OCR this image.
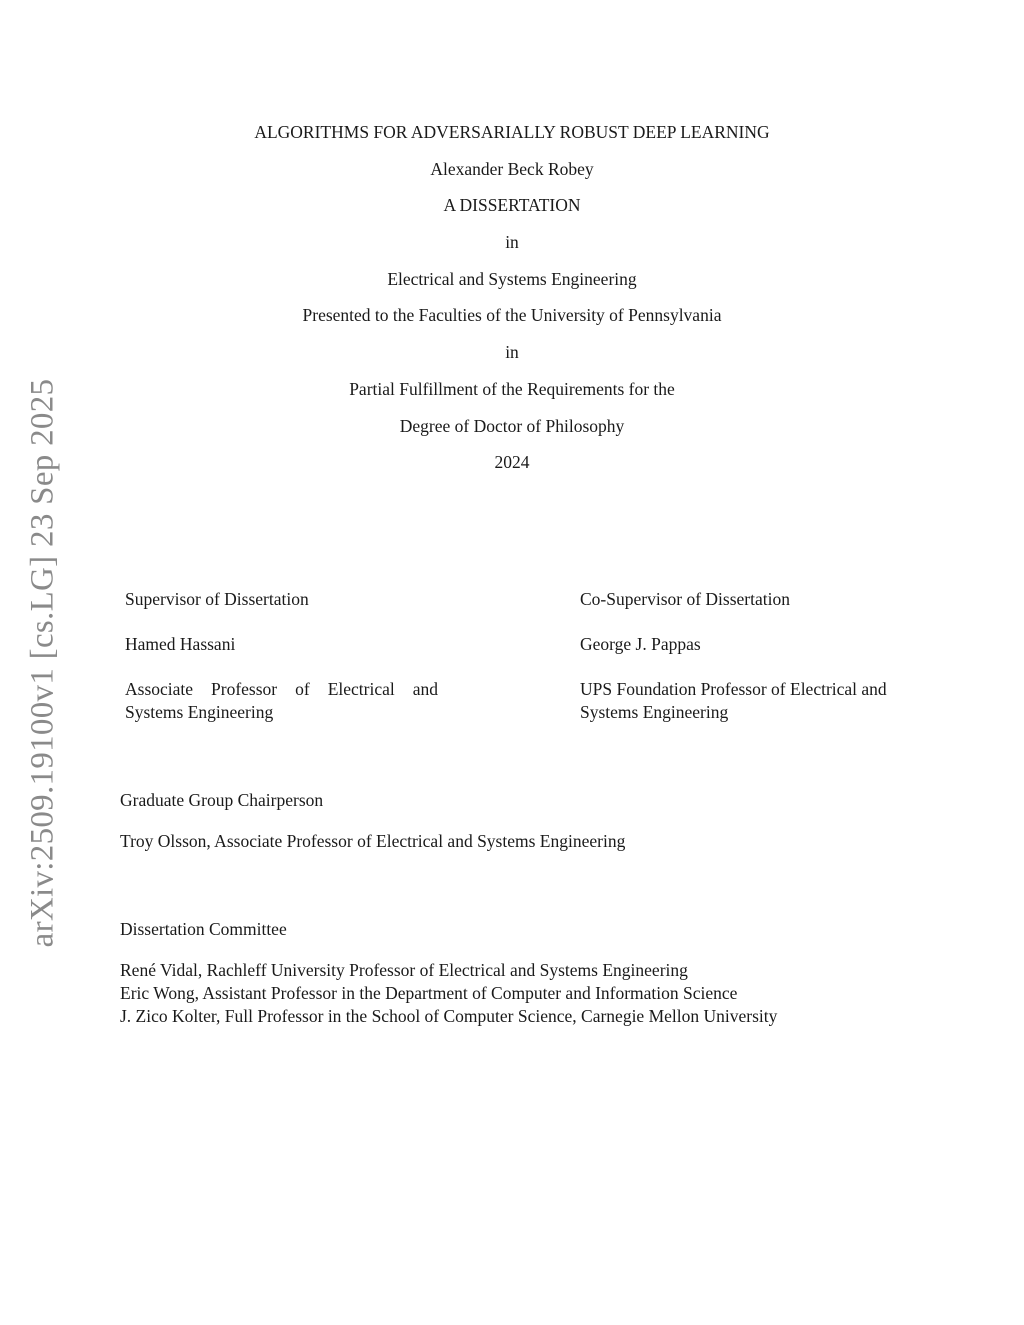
arXiv:2509.19100v1 [cs.LG] 23 Sep 2025
ALGORITHMS FOR ADVERSARIALLY ROBUST DEEP LEARNING
Alexander Beck Robey
A DISSERTATION
in
Electrical and Systems Engineering
Presented to the Faculties of the University of Pennsylvania
in
Partial Fulfillment of the Requirements for the
Degree of Doctor of Philosophy
2024

Supervisor of Dissertation

Hamed Hassani

Associate Professor of Electrical and Systems Engineering

Co-Supervisor of Dissertation

George J. Pappas

UPS Foundation Professor of Electrical and Systems Engineering

Graduate Group Chairperson

Troy Olsson, Associate Professor of Electrical and Systems Engineering

Dissertation Committee

René Vidal, Rachleff University Professor of Electrical and Systems Engineering

Eric Wong, Assistant Professor in the Department of Computer and Information Science

J. Zico Kolter, Full Professor in the School of Computer Science, Carnegie Mellon University
